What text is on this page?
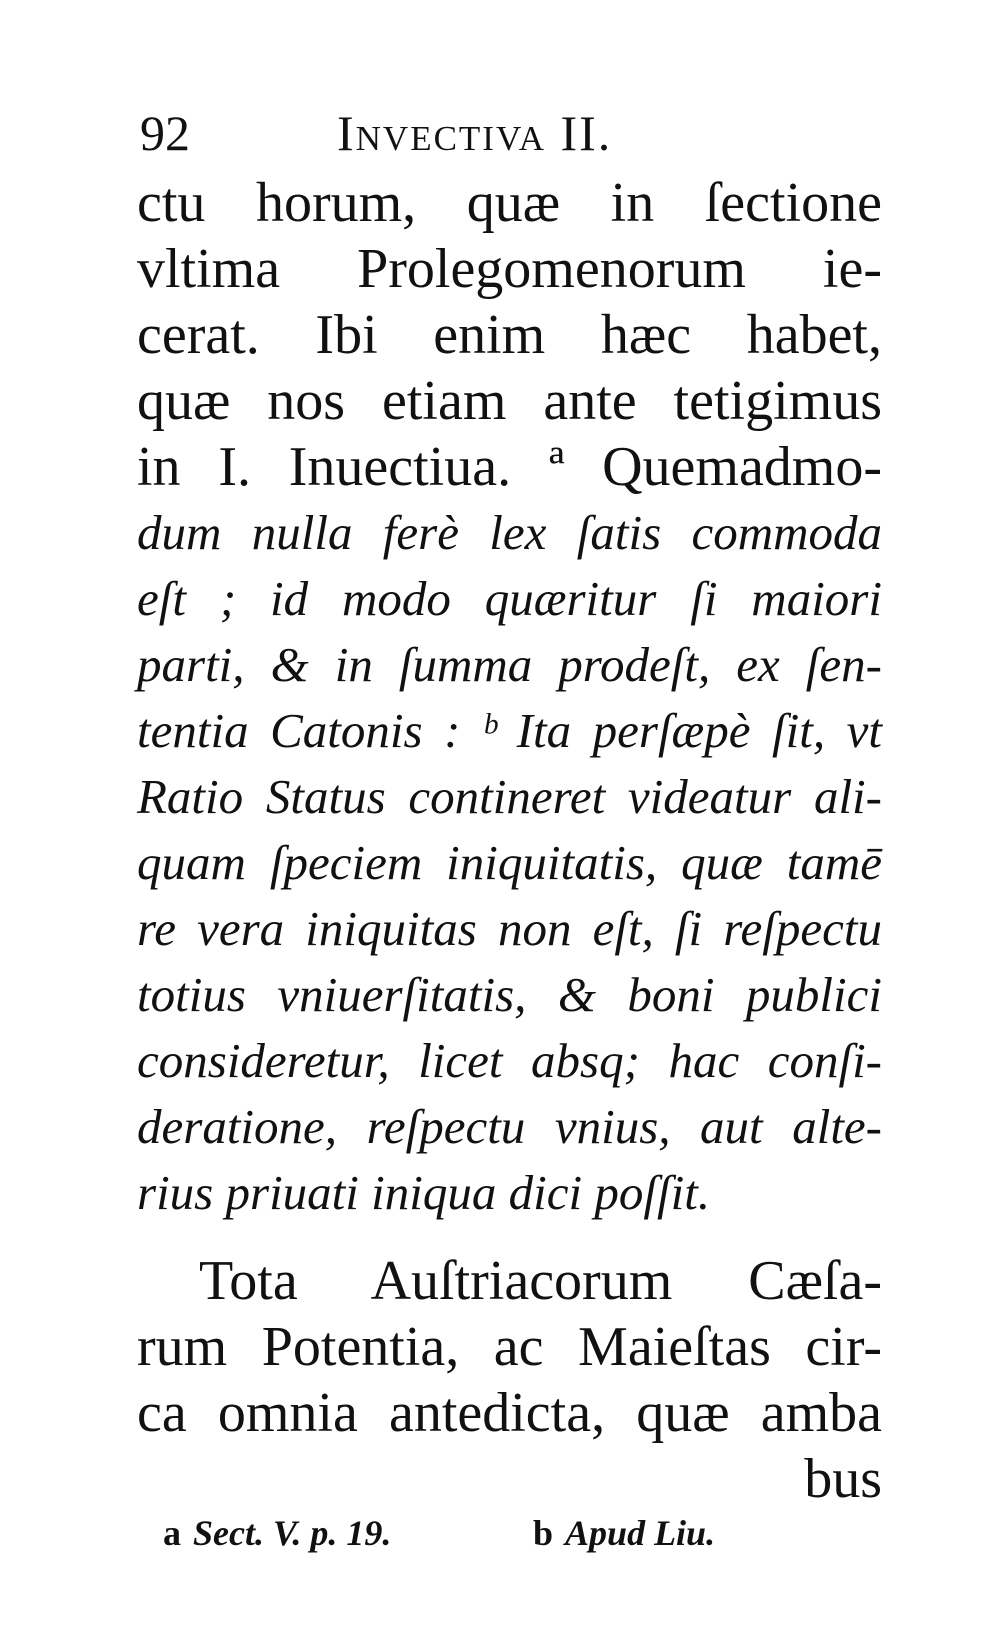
92	Invectiva II.
ctu horum, quæ in ſectione
vltima Prolegomenorum ie-
cerat. Ibi enim hæc habet,
quæ nos etiam ante tetigimus
in I. Inuectiua. ª Quemadmo-
dum nulla ferè lex ſatis commoda
eſt ; id modo quæritur ſi maiori
parti, & in ſumma prodeſt, ex ſen-
tentia Catonis : ᵇ Ita perſæpè ſit, vt
Ratio Status contineret videatur ali-
quam ſpeciem iniquitatis, quæ tamē
re vera iniquitas non eſt, ſi reſpectu
totius vniuerſitatis, & boni publici
consideretur, licet absq; hac conſi-
deratione, reſpectu vnius, aut alte-
rius priuati iniqua dici poſſit.
Tota Auſtriacorum Cæſa-
rum Potentia, ac Maieſtas cir-
ca omnia antedicta, quæ amba
bus
a Sect. V. p. 19.	b Apud Liu.
